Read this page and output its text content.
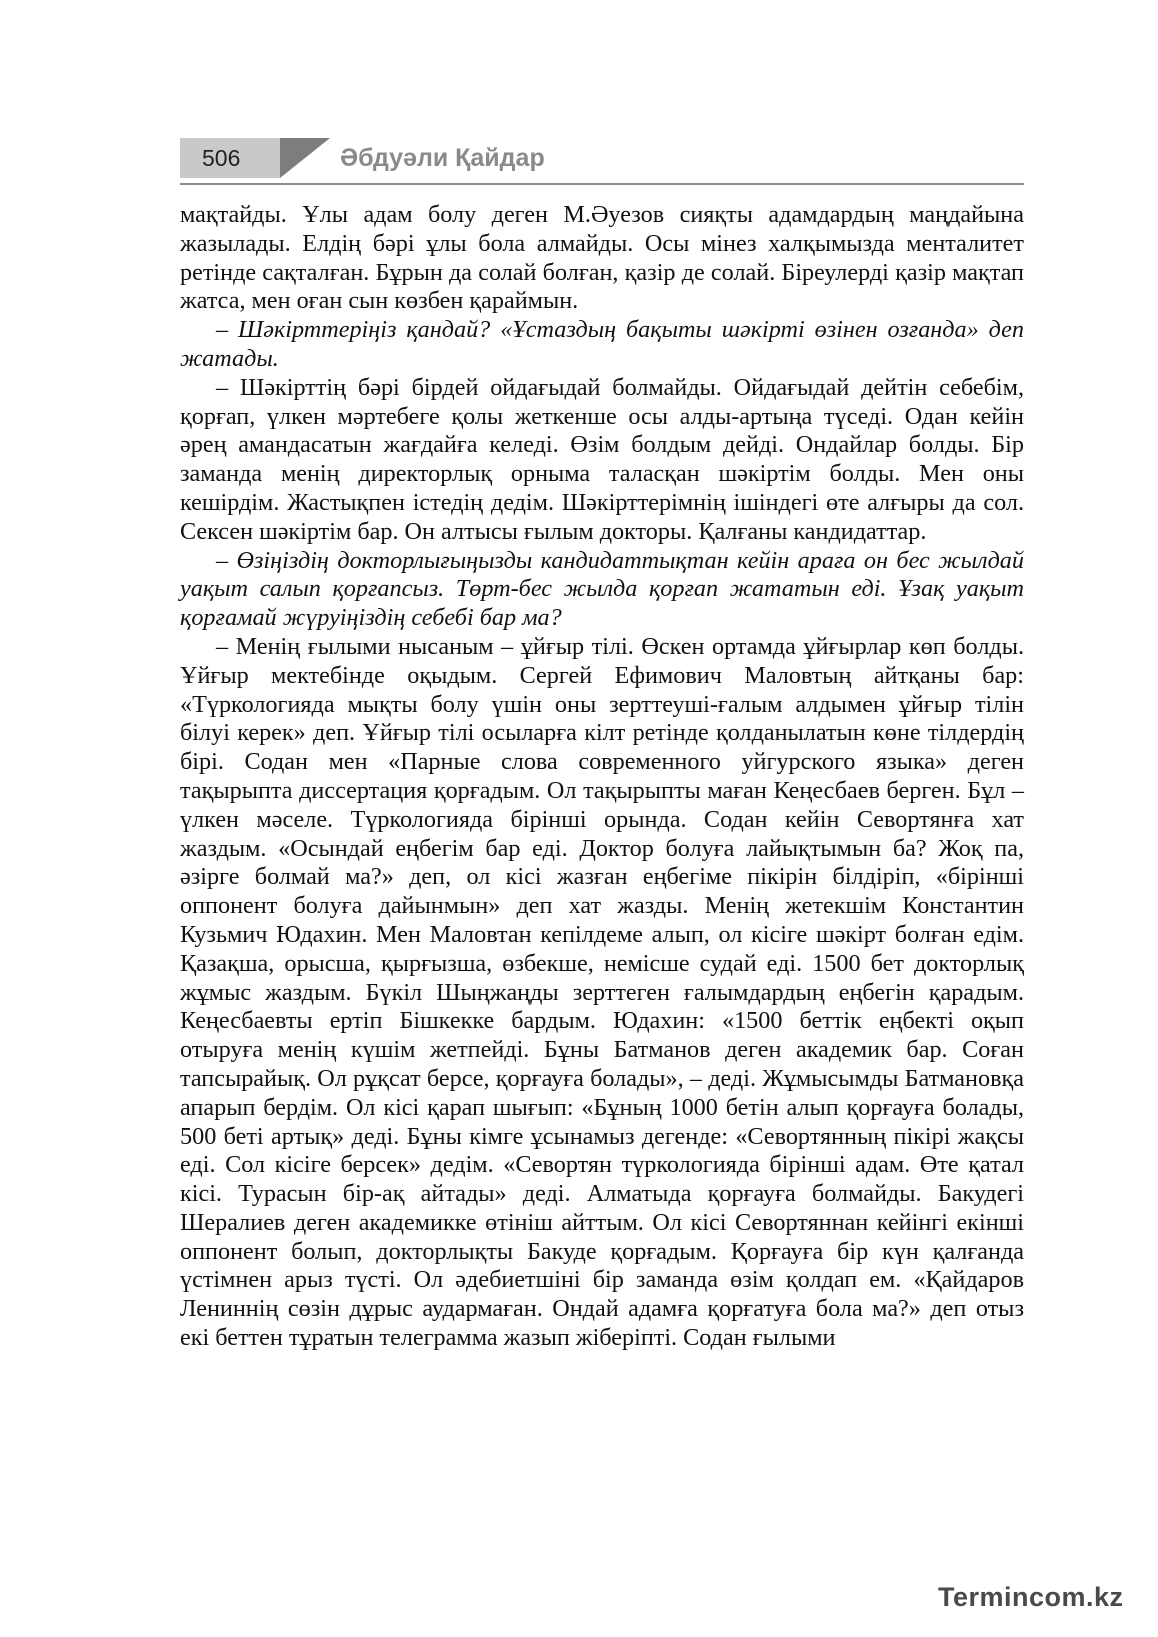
506	Әбдуәли Қайдар

мақтайды. Ұлы адам болу деген М.Әуезов сияқты адамдардың маңдайына жазылады. Елдің бәрі ұлы бола алмайды. Осы мінез халқымызда менталитет ретінде сақталған. Бұрын да солай болған, қазір де солай. Біреулерді қазір мақтап жатса, мен оған сын көзбен қараймын.

– Шәкірттеріңіз қандай? «Ұстаздың бақыты шәкірті өзінен озғанда» деп жатады.

– Шәкірттің бәрі бірдей ойдағыдай болмайды. Ойдағыдай дейтін себебім, қорғап, үлкен мәртебеге қолы жеткенше осы алды-артыңа түседі. Одан кейін әрең амандасатын жағдайға келеді. Өзім болдым дейді. Ондайлар болды. Бір заманда менің директорлық орныма таласқан шәкіртім болды. Мен оны кешірдім. Жастықпен істедің дедім. Шәкірттерімнің ішіндегі өте алғыры да сол. Сексен шәкіртім бар. Он алтысы ғылым докторы. Қалғаны кандидаттар.

– Өзіңіздің докторлығыңызды кандидаттықтан кейін араға он бес жылдай уақыт салып қорғапсыз. Төрт-бес жылда қорғап жататын еді. Ұзақ уақыт қорғамай жүруіңіздің себебі бар ма?

– Менің ғылыми нысаным – ұйғыр тілі. Өскен ортамда ұйғырлар көп болды. Ұйғыр мектебінде оқыдым. Сергей Ефимович Маловтың айтқаны бар: «Түркологияда мықты болу үшін оны зерттеуші-ғалым алдымен ұйғыр тілін білуі керек» деп. Ұйғыр тілі осыларға кілт ретінде қолданылатын көне тілдердің бірі. Содан мен «Парные слова современного уйгурского языка» деген тақырыпта диссертация қорғадым. Ол тақырыпты маған Кеңесбаев берген. Бұл – үлкен мәселе. Түркологияда бірінші орында. Содан кейін Севортянға хат жаздым. «Осындай еңбегім бар еді. Доктор болуға лайықтымын ба? Жоқ па, әзірге болмай ма?» деп, ол кісі жазған еңбегіме пікірін білдіріп, «бірінші оппонент болуға дайынмын» деп хат жазды. Менің жетекшім Константин Кузьмич Юдахин. Мен Маловтан кепілдеме алып, ол кісіге шәкірт болған едім. Қазақша, орысша, қырғызша, өзбекше, немісше судай еді. 1500 бет докторлық жұмыс жаздым. Бүкіл Шыңжаңды зерттеген ғалымдардың еңбегін қарадым. Кеңесбаевты ертіп Бішкекке бардым. Юдахин: «1500 беттік еңбекті оқып отыруға менің күшім жетпейді. Бұны Батманов деген академик бар. Соған тапсырайық. Ол рұқсат берсе, қорғауға болады», – деді. Жұмысымды Батмановқа апарып бердім. Ол кісі қарап шығып: «Бұның 1000 бетін алып қорғауға болады, 500 беті артық» деді. Бұны кімге ұсынамыз дегенде: «Севортянның пікірі жақсы еді. Сол кісіге берсек» дедім. «Севортян түркологияда бірінші адам. Өте қатал кісі. Турасын бір-ақ айтады» деді. Алматыда қорғауға болмайды. Бакудегі Шералиев деген академикке өтініш айттым. Ол кісі Севортяннан кейінгі екінші оппонент болып, докторлықты Бакуде қорғадым. Қорғауға бір күн қалғанда үстімнен арыз түсті. Ол әдебиетшіні бір заманда өзім қолдап ем. «Қайдаров Лениннің сөзін дұрыс аудармаған. Ондай адамға қорғатуға бола ма?» деп отыз екі беттен тұратын телеграмма жазып жіберіпті. Содан ғылыми

Termincom.kz
